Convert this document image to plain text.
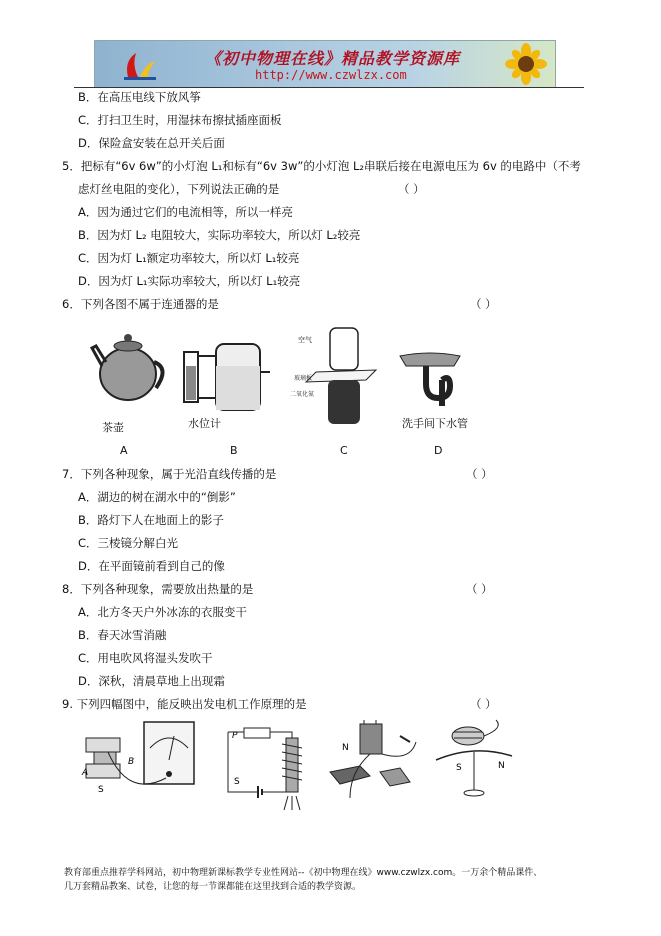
《初中物理在线》精品教学资源库
http://www.czwlzx.com
B．在高压电线下放风筝
C．打扫卫生时，用湿抹布擦拭插座面板
D．保险盒安装在总开关后面
5．把标有“6v 6w”的小灯泡 L₁和标有“6v 3w”的小灯泡 L₂串联后接在电源电压为 6v 的电路中（不考
虑灯丝电阻的变化），下列说法正确的是	（ ）
A．因为通过它们的电流相等，所以一样亮
B．因为灯 L₂ 电阻较大，实际功率较大，所以灯 L₂较亮
C．因为灯 L₁额定功率较大，所以灯 L₁较亮
D．因为灯 L₁实际功率较大，所以灯 L₁较亮
6．下列各图不属于连通器的是	（ ）
茶壶	水位计
空气
玻璃板
二氧化氮
洗手间下水管
A	B	C	D
7．下列各种现象，属于光沿直线传播的是	（ ）
A．湖边的树在湖水中的“倒影”
B．路灯下人在地面上的影子
C．三棱镜分解白光
D．在平面镜前看到自己的像
8．下列各种现象，需要放出热量的是	（ ）
A．北方冬天户外冰冻的衣服变干
B．春天冰雪消融
C．用电吹风将湿头发吹干
D．深秋，清晨草地上出现霜
9. 下列四幅图中，能反映出发电机工作原理的是	（ ）
A
B
S
P
S
N
S	N
教育部重点推荐学科网站，初中物理新课标教学专业性网站--《初中物理在线》www.czwlzx.com。一万余个精品课件、
几万套精品教案、试卷，让您的每一节课都能在这里找到合适的教学资源。
